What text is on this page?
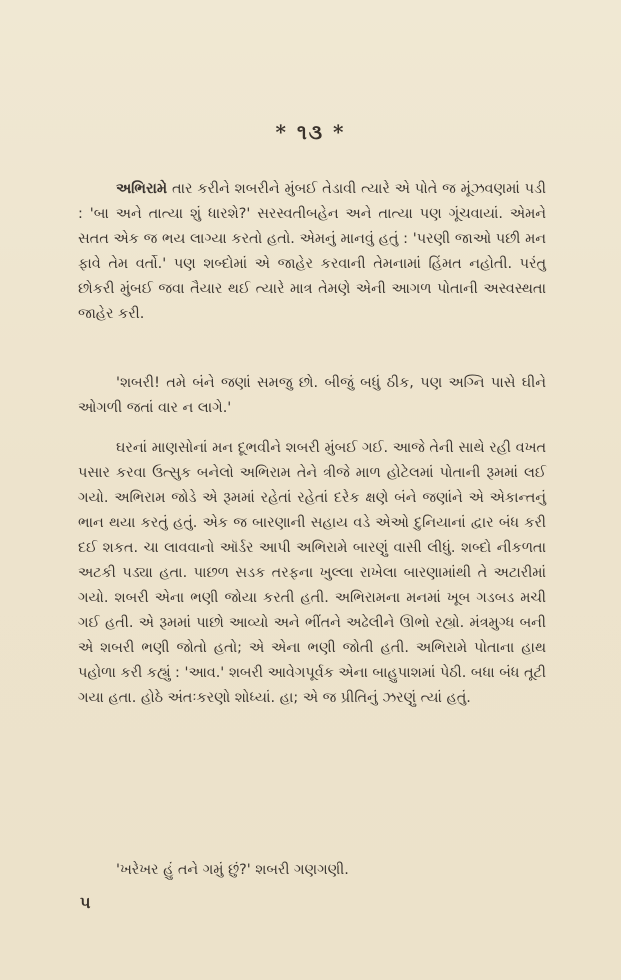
* ૧૩ *

અભિરામે તાર કરીને શબરીને મુંબઈ તેડાવી ત્યારે એ પોતે જ મૂંઝવણમાં પડી : 'બા અને તાત્યા શું ધારશે?' સરસ્વતીબહેન અને તાત્યા પણ ગૂંચવાયાં. એમને સતત એક જ ભય લાગ્યા કરતો હતો. એમનું માનવું હતું : 'પરણી જાઓ પછી મન ફાવે તેમ વર્તો.' પણ શબ્દોમાં એ જાહેર કરવાની તેમનામાં હિંમત નહોતી. પરંતુ છોકરી મુંબઈ જવા તૈયાર થઈ ત્યારે માત્ર તેમણે એની આગળ પોતાની અસ્વસ્થતા જાહેર કરી.

'શબરી! તમે બંને જણાં સમજુ છો. બીજું બધું ઠીક, પણ અગ્નિ પાસે ઘીને ઓગળી જતાં વાર ન લાગે.'

ઘરનાં માણસોનાં મન દૂભવીને શબરી મુંબઈ ગઈ. આજે તેની સાથે રહી વખત પસાર કરવા ઉત્સુક બનેલો અભિરામ તેને ત્રીજે માળ હોટેલમાં પોતાની રૂમમાં લઈ ગયો. અભિરામ જોડે એ રૂમમાં રહેતાં રહેતાં દરેક ક્ષણે બંને જણાંને એ એકાન્તનું ભાન થયા કરતું હતું. એક જ બારણાની સહાય વડે એઓ દુનિયાનાં દ્વાર બંધ કરી દઈ શકત. ચા લાવવાનો ઑર્ડર આપી અભિરામે બારણું વાસી લીધું. શબ્દો નીકળતા અટકી પડ્યા હતા. પાછળ સડક તરફના ખુલ્લા રાખેલા બારણામાંથી તે અટારીમાં ગયો. શબરી એના ભણી જોયા કરતી હતી. અભિરામના મનમાં ખૂબ ગડબડ મચી ગઈ હતી. એ રૂમમાં પાછો આવ્યો અને ભીંતને અઢેલીને ઊભો રહ્યો. મંત્રમુગ્ધ બની એ શબરી ભણી જોતો હતો; એ એના ભણી જોતી હતી. અભિરામે પોતાના હાથ પહોળા કરી કહ્યું : 'આવ.' શબરી આવેગપૂર્વક એના બાહુપાશમાં પેઠી. બધા બંધ તૂટી ગયા હતા. હોઠે અંતઃકરણો શોધ્યાં. હા; એ જ પ્રીતિનું ઝરણું ત્યાં હતું.

'ખરેખર હું તને ગમું છું?' શબરી ગણગણી.

૫
